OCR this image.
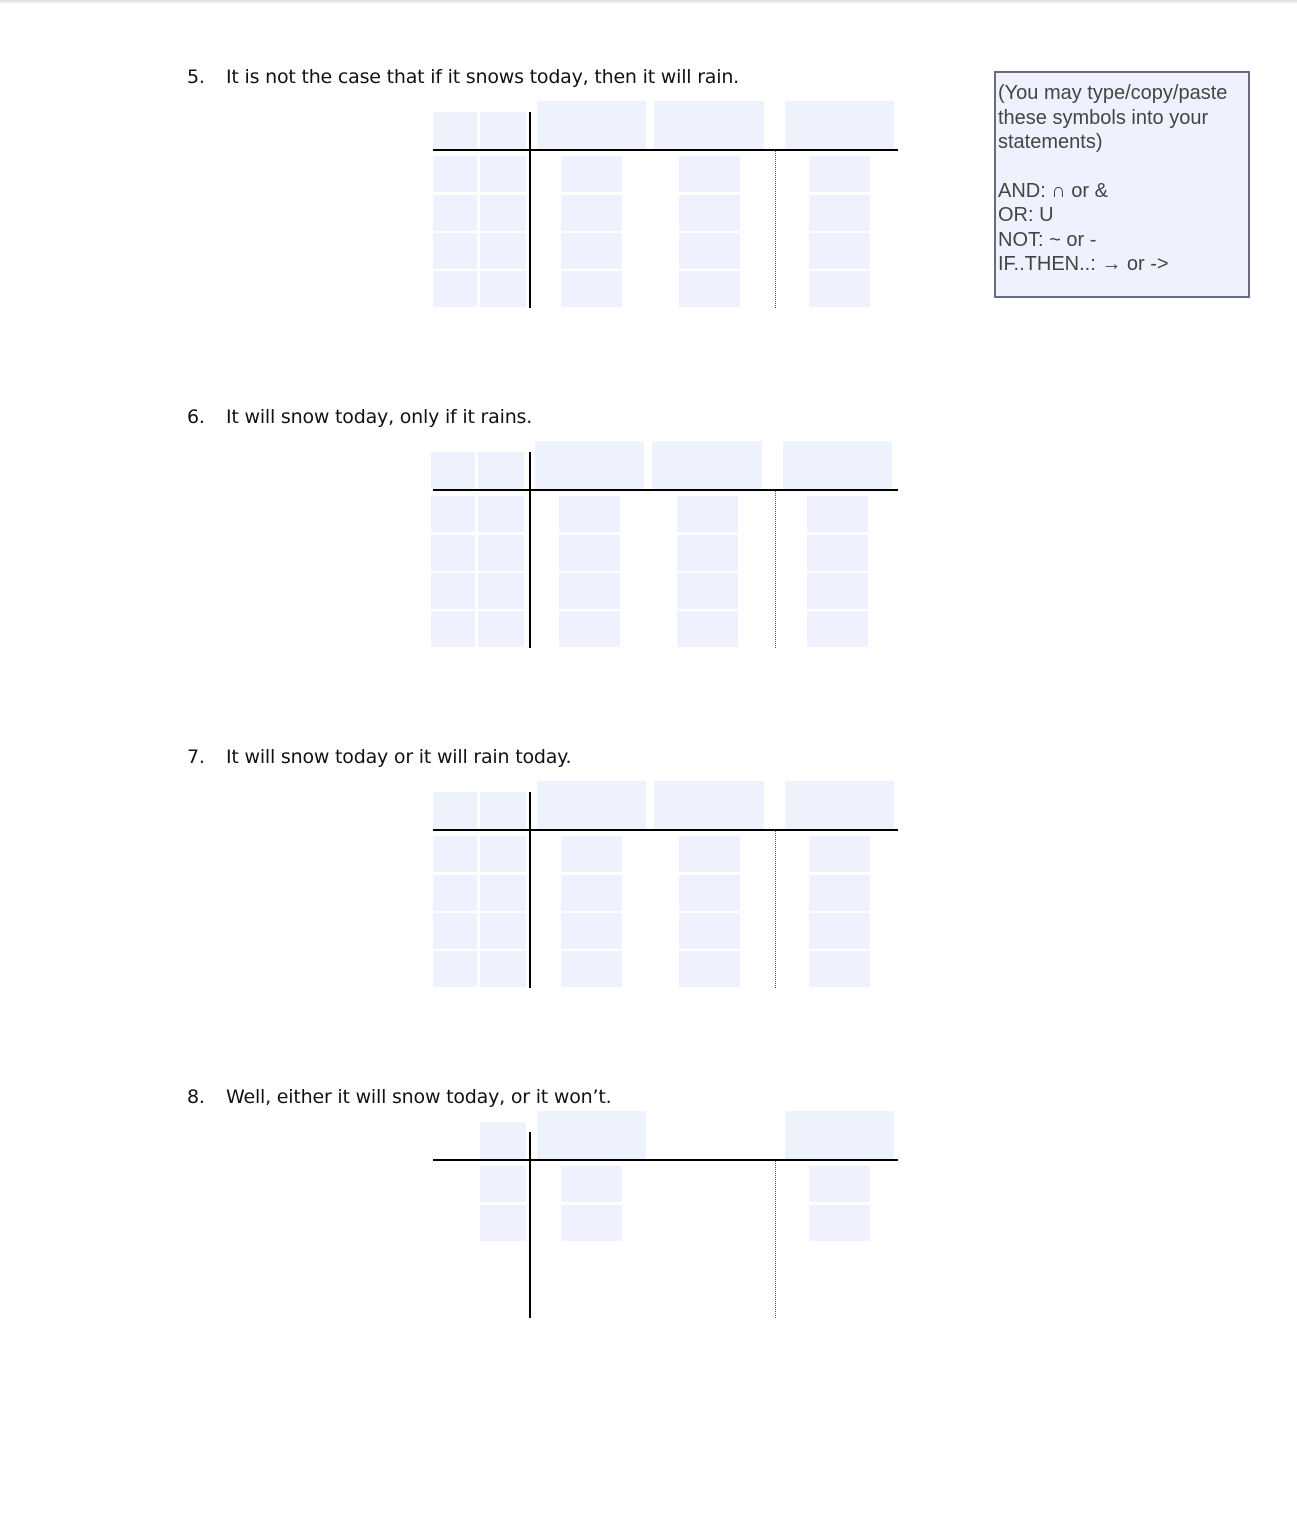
5. It is not the case that if it snows today, then it will rain.
(You may type/copy/paste
these symbols into your
statements)
AND: ∩ or &
OR: U
NOT: ~ or -
IF..THEN..: → or ->
6. It will snow today, only if it rains.
7. It will snow today or it will rain today.
8. Well, either it will snow today, or it won’t.
